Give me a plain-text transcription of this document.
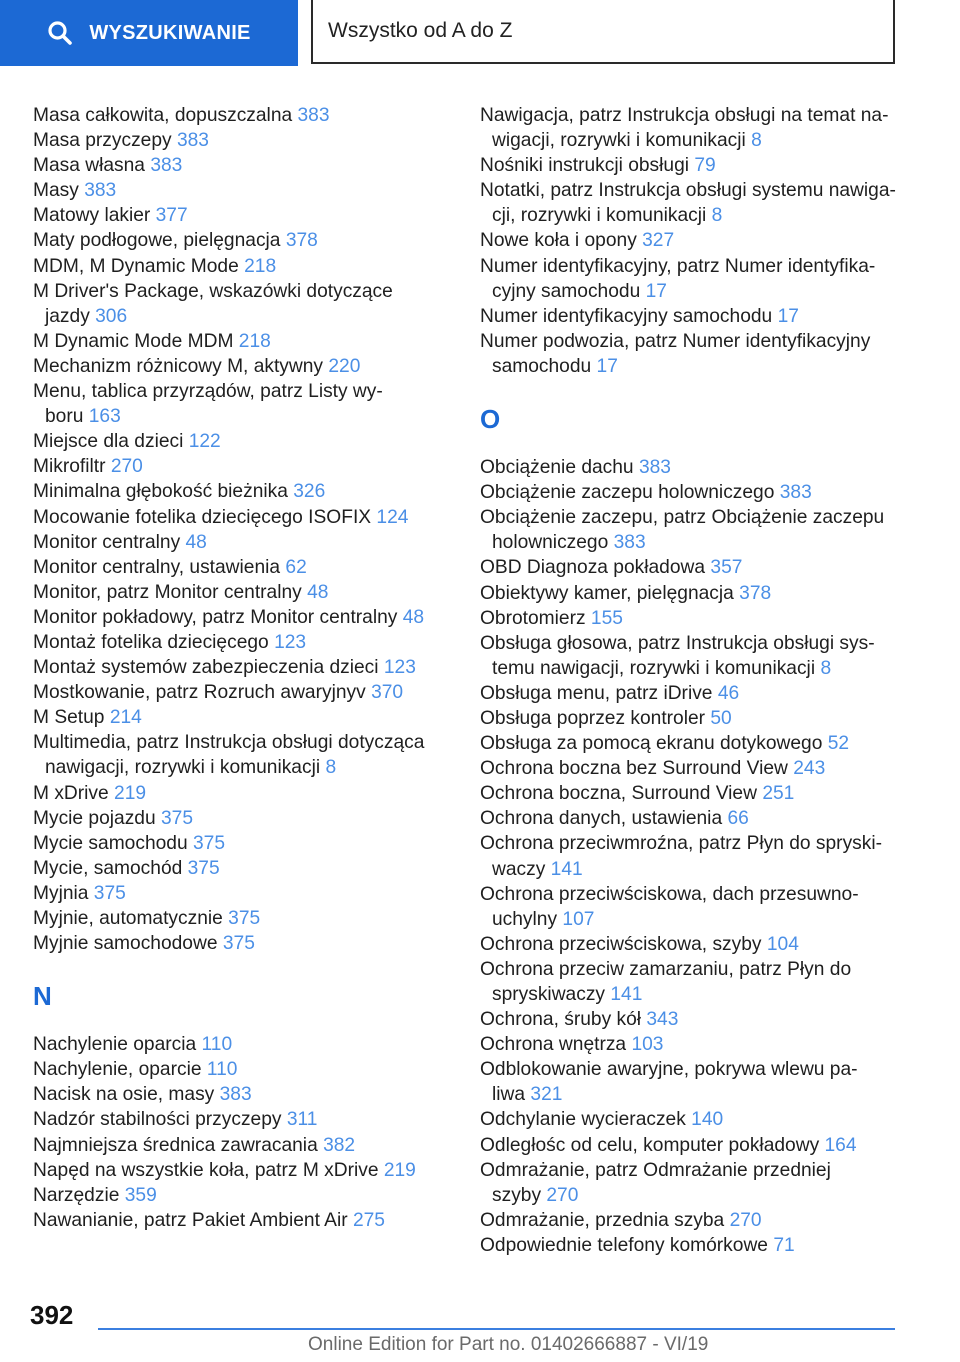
WYSZUKIWANIE	Wszystko od A do Z
Masa całkowita, dopuszczalna 383
Masa przyczepy 383
Masa własna 383
Masy 383
Matowy lakier 377
Maty podłogowe, pielęgnacja 378
MDM, M Dynamic Mode 218
M Driver's Package, wskazówki dotyczące
jazdy 306
M Dynamic Mode MDM 218
Mechanizm różnicowy M, aktywny 220
Menu, tablica przyrządów, patrz Listy wy-
boru 163
Miejsce dla dzieci 122
Mikrofiltr 270
Minimalna głębokość bieżnika 326
Mocowanie fotelika dziecięcego ISOFIX 124
Monitor centralny 48
Monitor centralny, ustawienia 62
Monitor, patrz Monitor centralny 48
Monitor pokładowy, patrz Monitor centralny 48
Montaż fotelika dziecięcego 123
Montaż systemów zabezpieczenia dzieci 123
Mostkowanie, patrz Rozruch awaryjnyv 370
M Setup 214
Multimedia, patrz Instrukcja obsługi dotycząca
nawigacji, rozrywki i komunikacji 8
M xDrive 219
Mycie pojazdu 375
Mycie samochodu 375
Mycie, samochód 375
Myjnia 375
Myjnie, automatycznie 375
Myjnie samochodowe 375
N
Nachylenie oparcia 110
Nachylenie, oparcie 110
Nacisk na osie, masy 383
Nadzór stabilności przyczepy 311
Najmniejsza średnica zawracania 382
Napęd na wszystkie koła, patrz M xDrive 219
Narzędzie 359
Nawanianie, patrz Pakiet Ambient Air 275
Nawigacja, patrz Instrukcja obsługi na temat na-
wigacji, rozrywki i komunikacji 8
Nośniki instrukcji obsługi 79
Notatki, patrz Instrukcja obsługi systemu nawiga-
cji, rozrywki i komunikacji 8
Nowe koła i opony 327
Numer identyfikacyjny, patrz Numer identyfika-
cyjny samochodu 17
Numer identyfikacyjny samochodu 17
Numer podwozia, patrz Numer identyfikacyjny
samochodu 17
O
Obciążenie dachu 383
Obciążenie zaczepu holowniczego 383
Obciążenie zaczepu, patrz Obciążenie zaczepu
holowniczego 383
OBD Diagnoza pokładowa 357
Obiektywy kamer, pielęgnacja 378
Obrotomierz 155
Obsługa głosowa, patrz Instrukcja obsługi sys-
temu nawigacji, rozrywki i komunikacji 8
Obsługa menu, patrz iDrive 46
Obsługa poprzez kontroler 50
Obsługa za pomocą ekranu dotykowego 52
Ochrona boczna bez Surround View 243
Ochrona boczna, Surround View 251
Ochrona danych, ustawienia 66
Ochrona przeciwmroźna, patrz Płyn do spryski-
waczy 141
Ochrona przeciwściskowa, dach przesuwno-
uchylny 107
Ochrona przeciwściskowa, szyby 104
Ochrona przeciw zamarzaniu, patrz Płyn do
spryskiwaczy 141
Ochrona, śruby kół 343
Ochrona wnętrza 103
Odblokowanie awaryjne, pokrywa wlewu pa-
liwa 321
Odchylanie wycieraczek 140
Odległośc od celu, komputer pokładowy 164
Odmrażanie, patrz Odmrażanie przedniej
szyby 270
Odmrażanie, przednia szyba 270
Odpowiednie telefony komórkowe 71
392
Online Edition for Part no. 01402666887 - VI/19
